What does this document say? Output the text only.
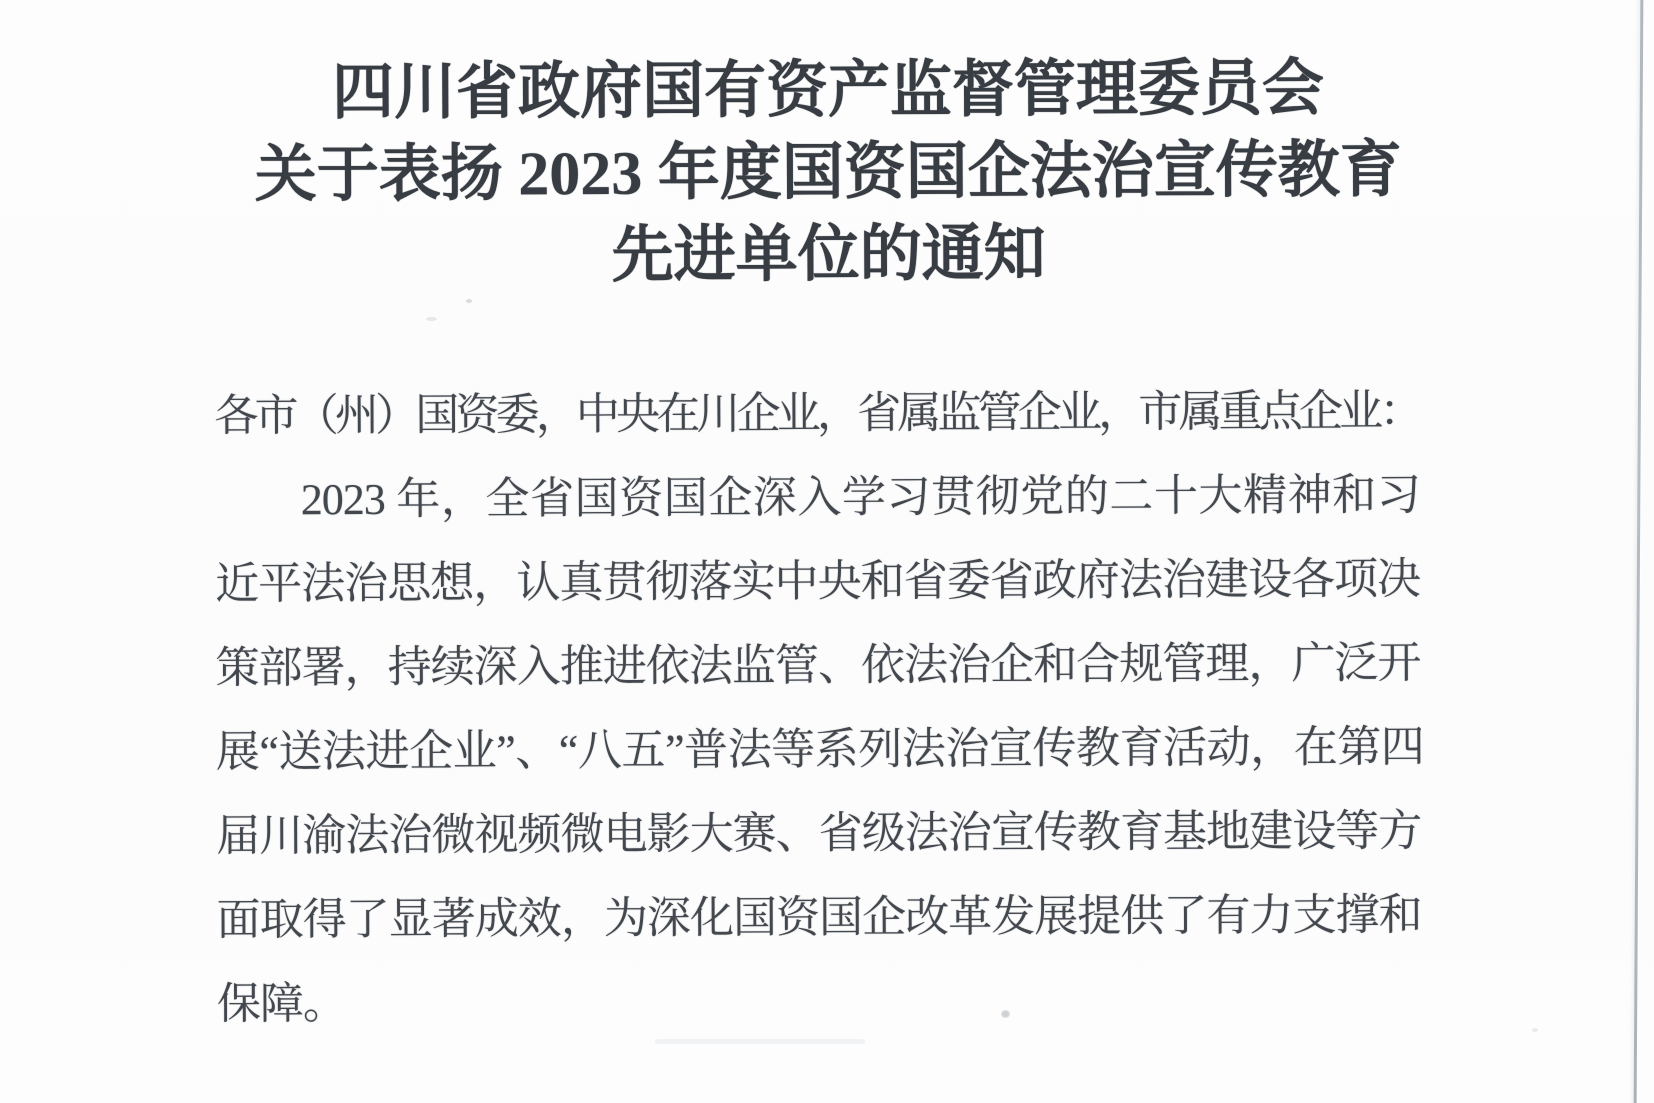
四川省政府国有资产监督管理委员会
关于表扬 2023 年度国资国企法治宣传教育
先进单位的通知
各市（州）国资委，中央在川企业，省属监管企业，市属重点企业：
2023 年，全省国资国企深入学习贯彻党的二十大精神和习
近平法治思想，认真贯彻落实中央和省委省政府法治建设各项决
策部署，持续深入推进依法监管、依法治企和合规管理，广泛开
展“送法进企业”、“八五”普法等系列法治宣传教育活动，在第四
届川渝法治微视频微电影大赛、省级法治宣传教育基地建设等方
面取得了显著成效，为深化国资国企改革发展提供了有力支撑和
保障。
